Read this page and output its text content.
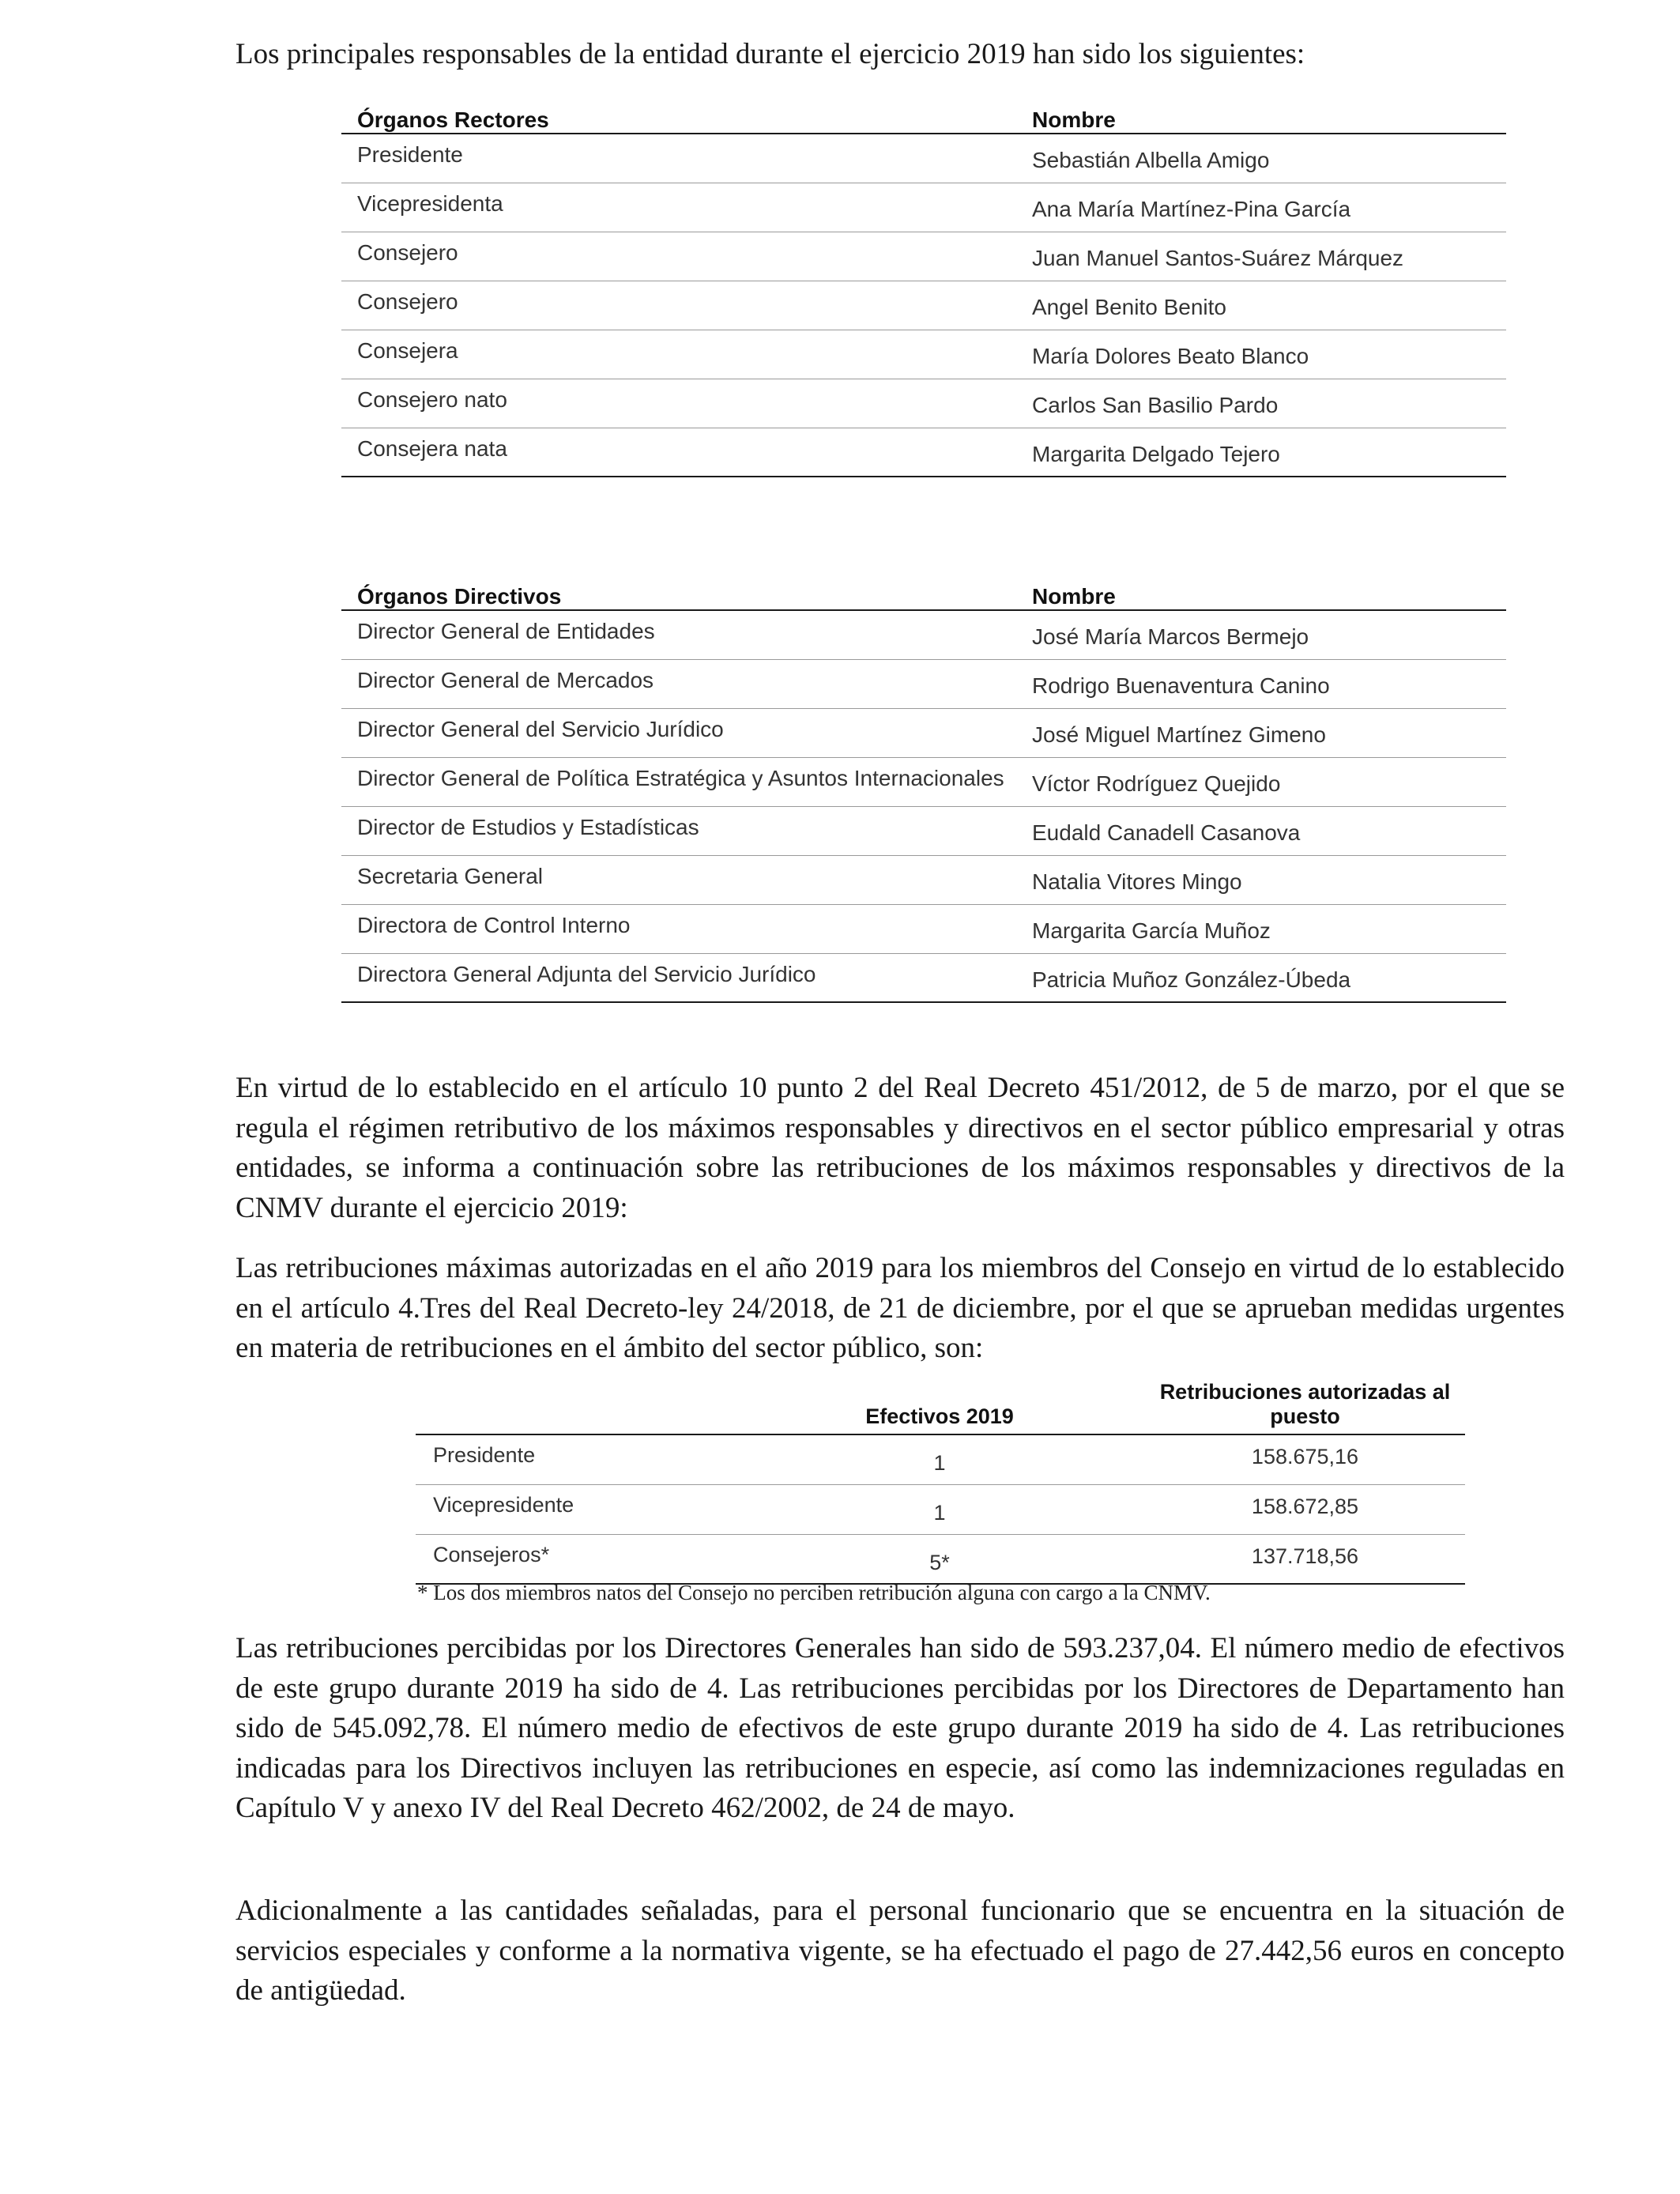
Los principales responsables de la entidad durante el ejercicio 2019 han sido los siguientes:

Órganos Rectores	Nombre
Presidente	Sebastián Albella Amigo
Vicepresidenta	Ana María Martínez-Pina García
Consejero	Juan Manuel Santos-Suárez Márquez
Consejero	Angel Benito Benito
Consejera	María Dolores Beato Blanco
Consejero nato	Carlos San Basilio Pardo
Consejera nata	Margarita Delgado Tejero
Órganos Directivos	Nombre
Director General de Entidades	José María Marcos Bermejo
Director General de Mercados	Rodrigo Buenaventura Canino
Director General del Servicio Jurídico	José Miguel Martínez Gimeno
Director General de Política Estratégica y Asuntos Internacionales	Víctor Rodríguez Quejido
Director de Estudios y Estadísticas	Eudald Canadell Casanova
Secretaria General	Natalia Vitores Mingo
Directora de Control Interno	Margarita García Muñoz
Directora General Adjunta del Servicio Jurídico	Patricia Muñoz González-Úbeda

En virtud de lo establecido en el artículo 10 punto 2 del Real Decreto 451/2012, de 5 de marzo, por el que se regula el régimen retributivo de los máximos responsables y directivos en el sector público empresarial y otras entidades, se informa a continuación sobre las retribuciones de los máximos responsables y directivos de la CNMV durante el ejercicio 2019:

Las retribuciones máximas autorizadas en el año 2019 para los miembros del Consejo en virtud de lo establecido en el artículo 4.Tres del Real Decreto-ley 24/2018, de 21 de diciembre, por el que se aprueban medidas urgentes en materia de retribuciones en el ámbito del sector público, son:

	Efectivos 2019	Retribuciones autorizadas al puesto
Presidente	1	158.675,16
Vicepresidente	1	158.672,85
Consejeros*	5*	137.718,56
* Los dos miembros natos del Consejo no perciben retribución alguna con cargo a la CNMV.

Las retribuciones percibidas por los Directores Generales han sido de 593.237,04. El número medio de efectivos de este grupo durante 2019 ha sido de 4. Las retribuciones percibidas por los Directores de Departamento han sido de 545.092,78. El número medio de efectivos de este grupo durante 2019 ha sido de 4. Las retribuciones indicadas para los Directivos incluyen las retribuciones en especie, así como las indemnizaciones reguladas en Capítulo V y anexo IV del Real Decreto 462/2002, de 24 de mayo.

Adicionalmente a las cantidades señaladas, para el personal funcionario que se encuentra en la situación de servicios especiales y conforme a la normativa vigente, se ha efectuado el pago de 27.442,56 euros en concepto de antigüedad.
